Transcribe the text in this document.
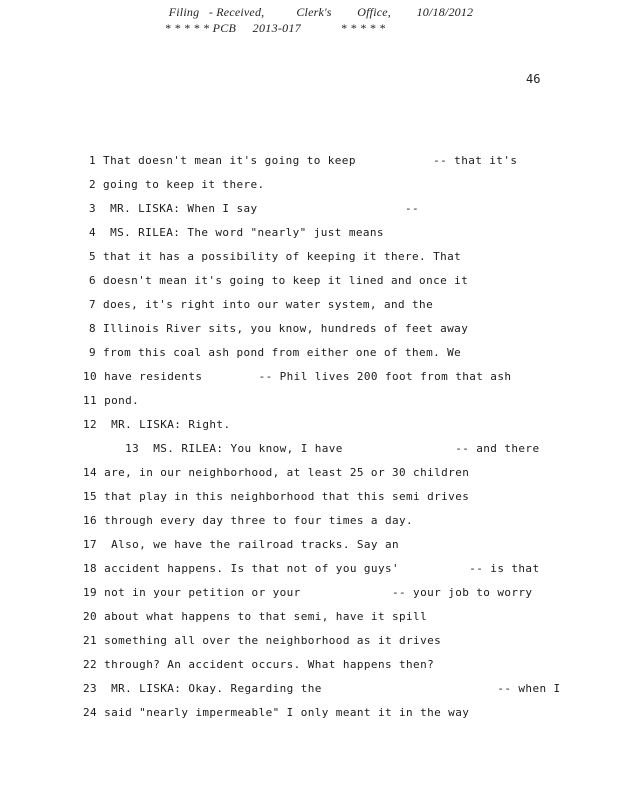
Filing   - Received,          Clerk's        Office,        10/18/2012
* * * * * PCB     2013-017            * * * * *
46
1 That doesn't mean it's going to keep           -- that it's
2 going to keep it there.
3  MR. LISKA: When I say                     --
4  MS. RILEA: The word "nearly" just means
5 that it has a possibility of keeping it there. That
6 doesn't mean it's going to keep it lined and once it
7 does, it's right into our water system, and the
8 Illinois River sits, you know, hundreds of feet away
9 from this coal ash pond from either one of them. We
10 have residents        -- Phil lives 200 foot from that ash
11 pond.
12  MR. LISKA: Right.
13  MS. RILEA: You know, I have                -- and there
14 are, in our neighborhood, at least 25 or 30 children
15 that play in this neighborhood that this semi drives
16 through every day three to four times a day.
17  Also, we have the railroad tracks. Say an
18 accident happens. Is that not of you guys'          -- is that
19 not in your petition or your             -- your job to worry
20 about what happens to that semi, have it spill
21 something all over the neighborhood as it drives
22 through? An accident occurs. What happens then?
23  MR. LISKA: Okay. Regarding the                         -- when I
24 said "nearly impermeable" I only meant it in the way
